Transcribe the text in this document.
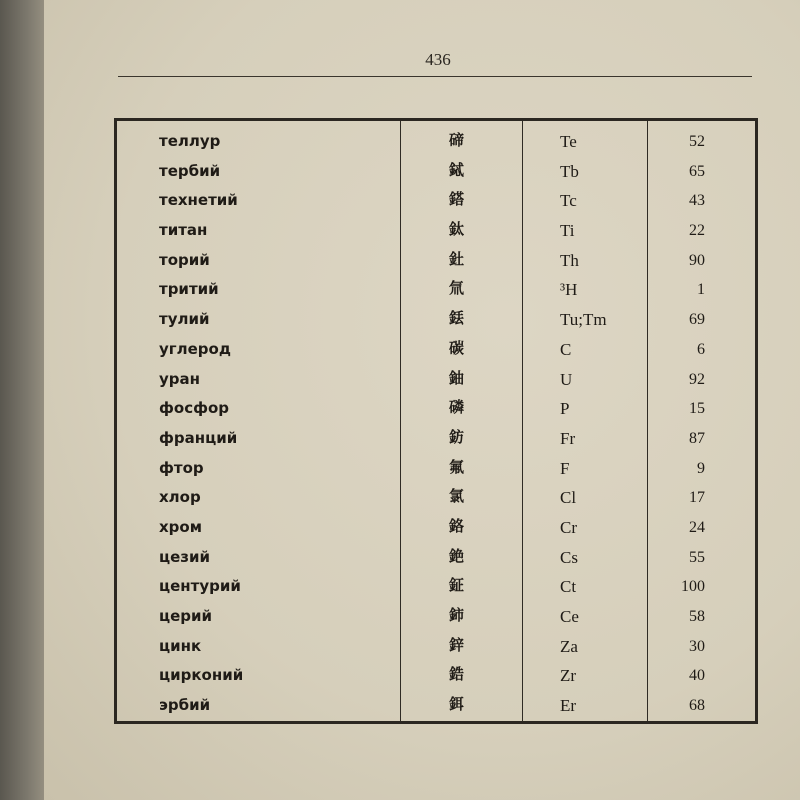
436
теллур	碲	Te	52
тербий	鋱	Tb	65
технетий	鎝	Tc	43
титан	鈦	Ti	22
торий	釷	Th	90
тритий	氚	³H	1
тулий	銩	Tu;Tm	69
углерод	碳	C	6
уран	鈾	U	92
фосфор	磷	P	15
франций	鈁	Fr	87
фтор	氟	F	9
хлор	氯	Cl	17
хром	鉻	Cr	24
цезий	銫	Cs	55
центурий	鉦	Ct	100
церий	鈰	Ce	58
цинк	鋅	Za	30
цирконий	鋯	Zr	40
эрбий	鉺	Er	68
